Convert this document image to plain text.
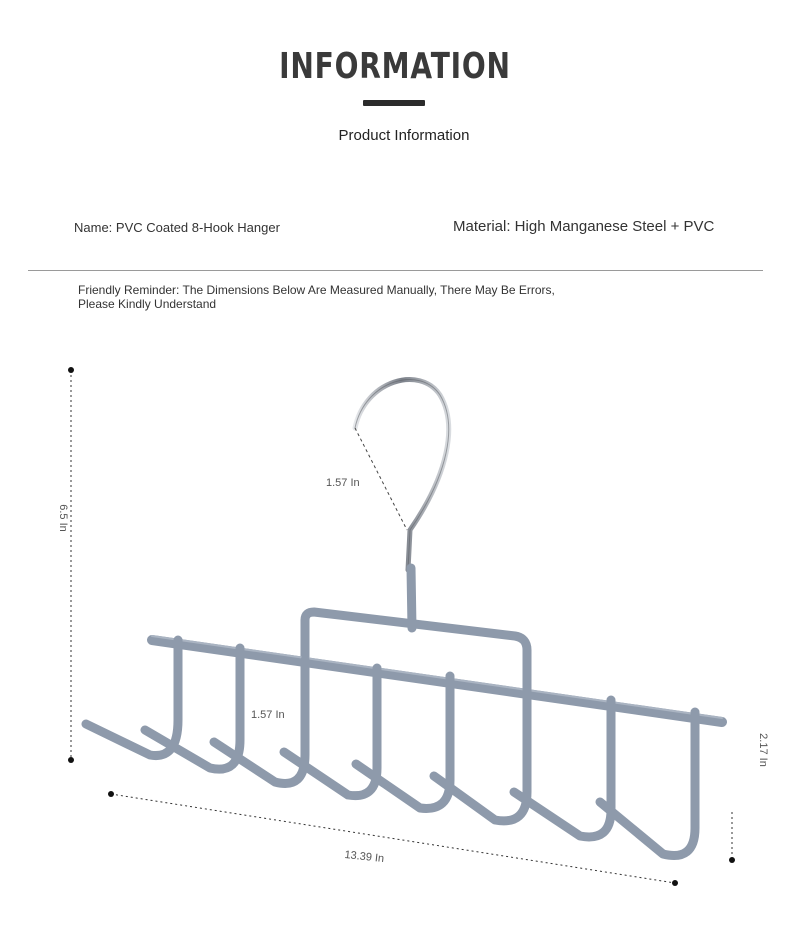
INFORMATION
Product Information
Name: PVC Coated 8-Hook Hanger	Material: High Manganese Steel + PVC
Friendly Reminder: The Dimensions Below Are Measured Manually, There May Be Errors,
Please Kindly Understand
6.5 In
1.57 In
1.57 In
2.17 In
13.39 In
